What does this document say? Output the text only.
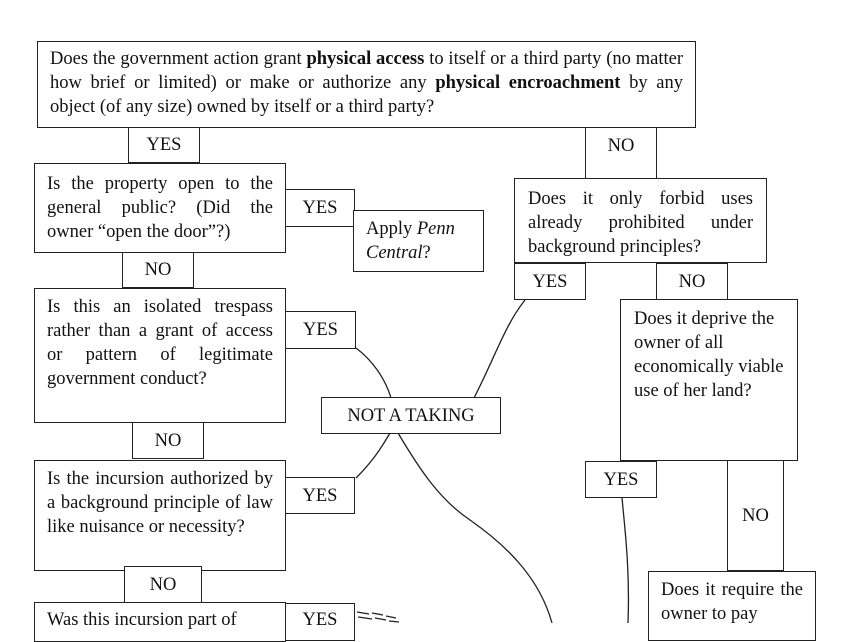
Does the government action grant physical access to itself or a third party (no matter how brief or limited) or make or authorize any physical encroachment by any object (of any size) owned by itself or a third party?
YES	NO
Is the property open to the general public? (Did the owner “open the door”?)
YES
Apply Penn Central?
NO
Does it only forbid uses already prohibited under background principles?
YES	NO
Is this an isolated trespass rather than a grant of access or pattern of legitimate government conduct?
YES
NO
Does it deprive the owner of all economically viable use of her land?
NOT A TAKING
Is the incursion authorized by a background principle of law like nuisance or necessity?
YES
NO
YES
NO
Was this incursion part of	YES
Does it require the owner to pay
